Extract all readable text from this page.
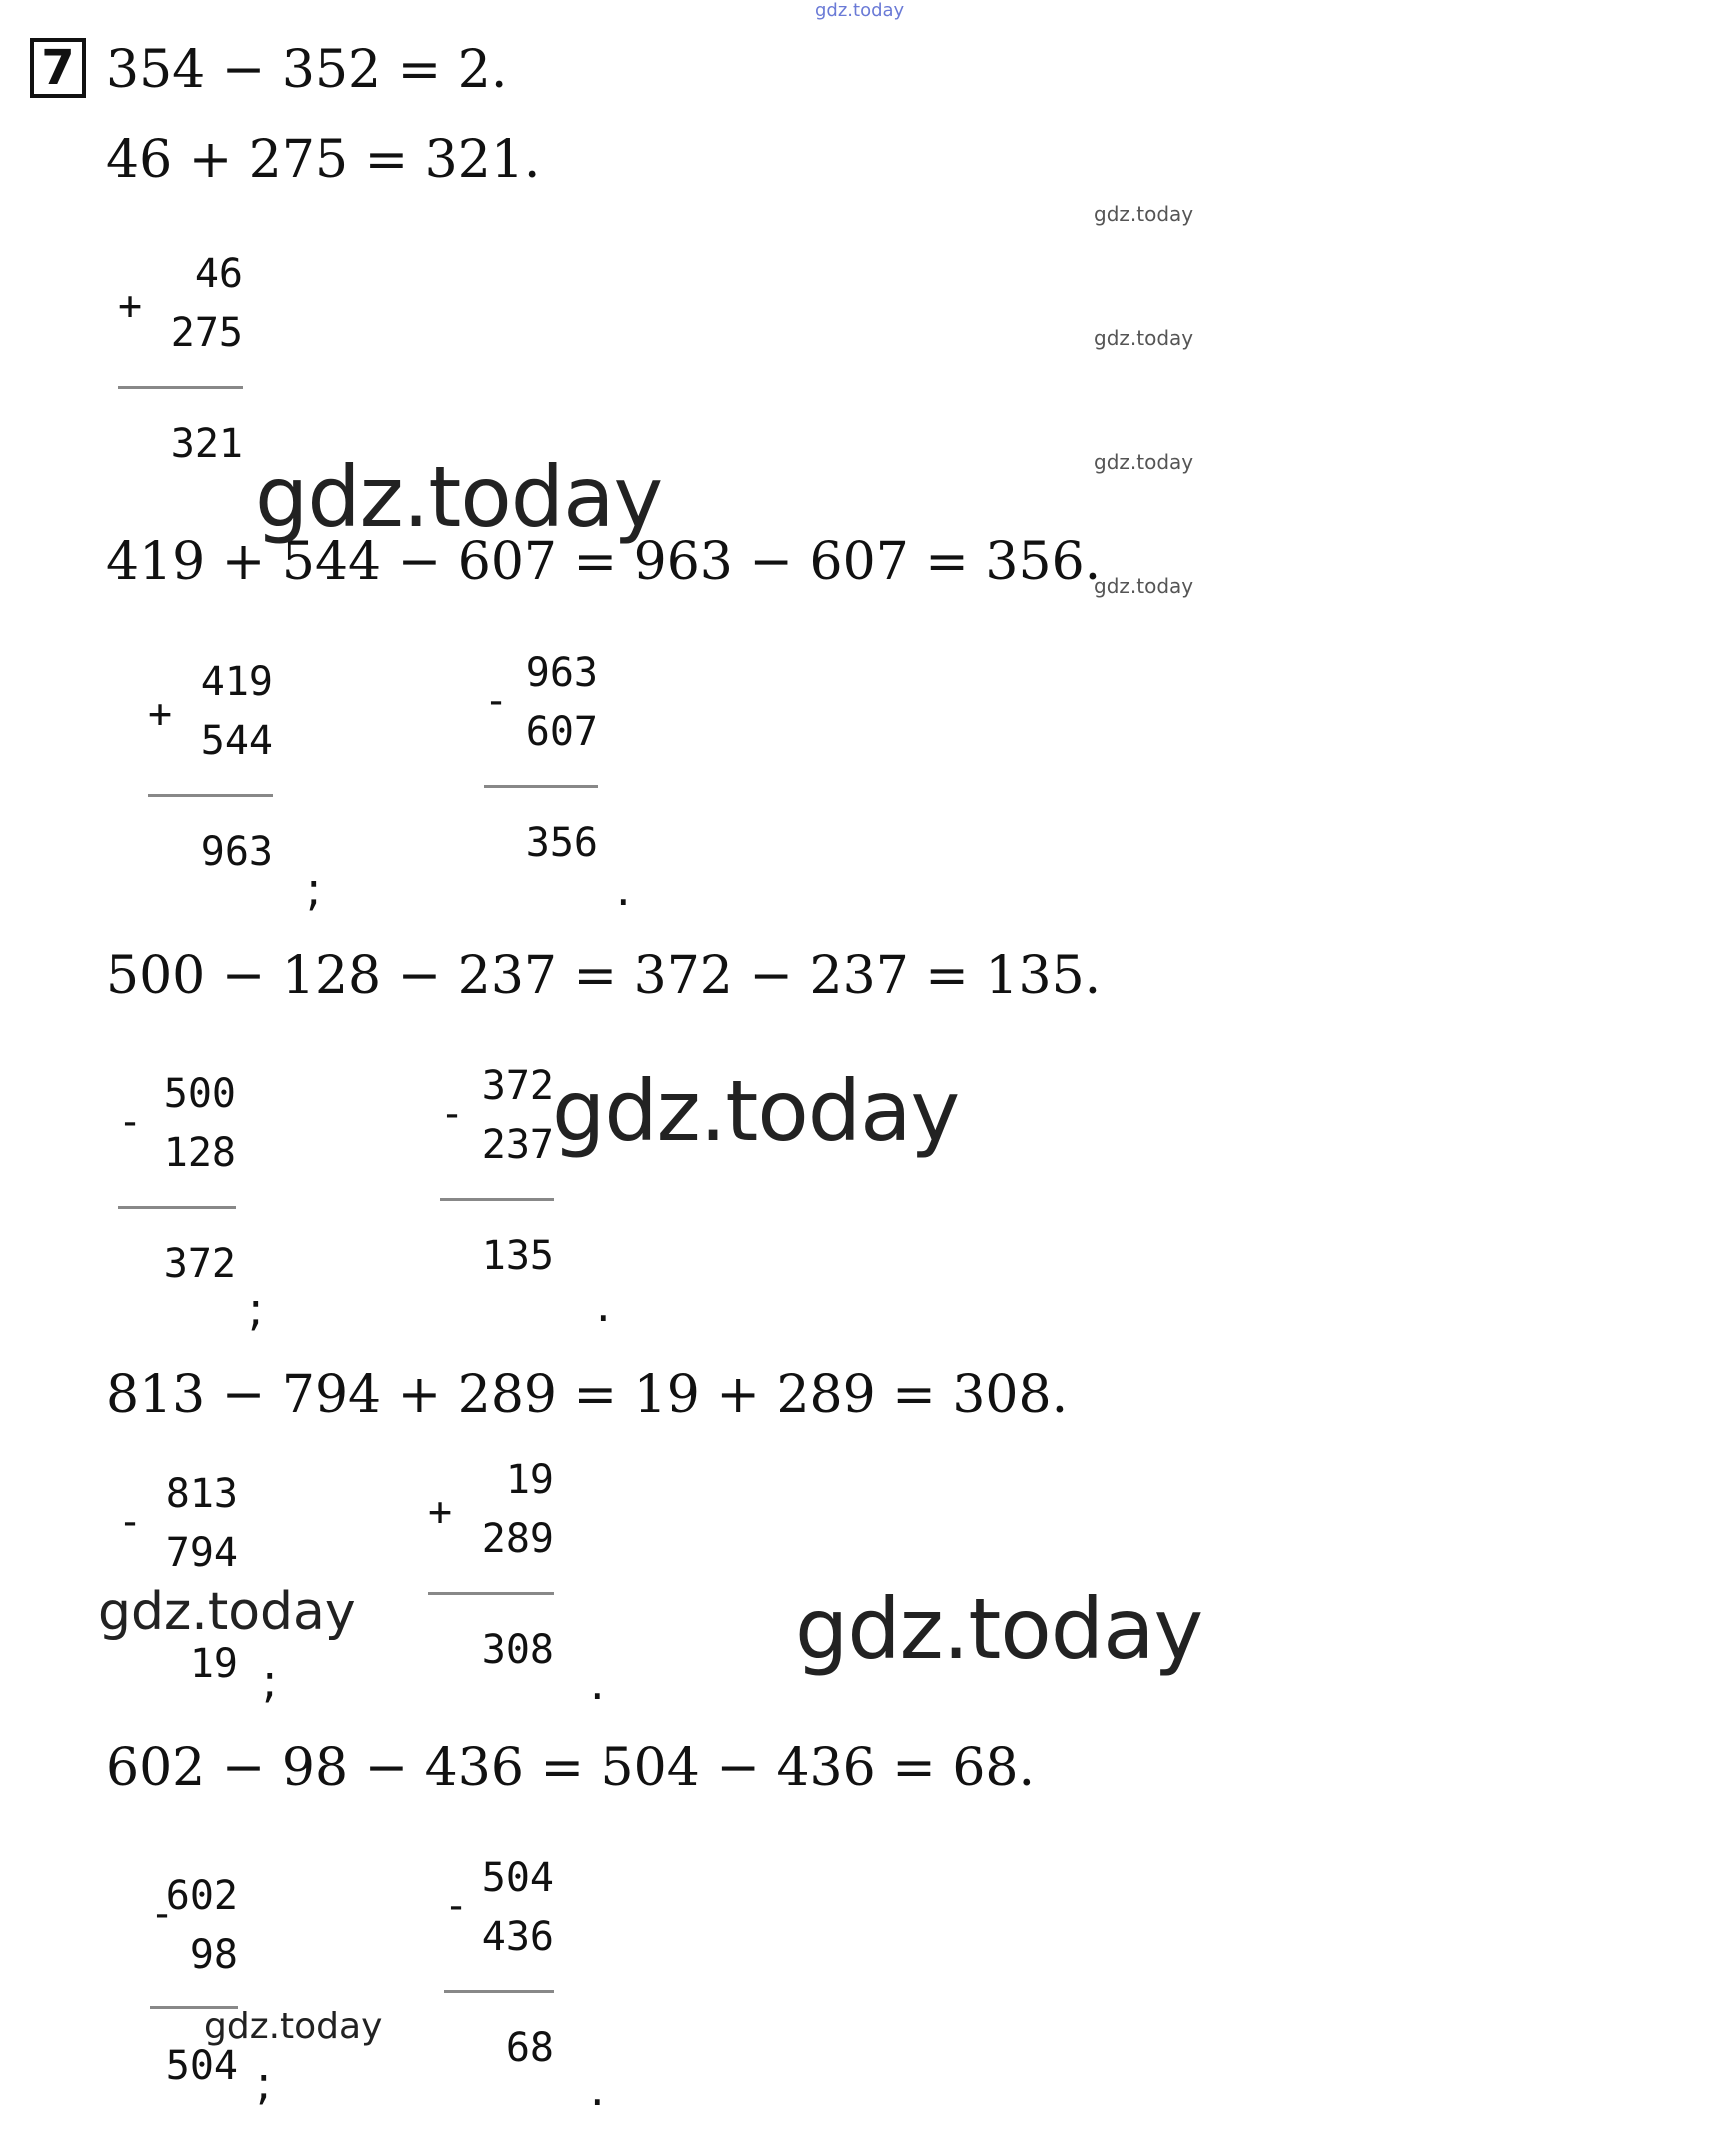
gdz.today
7 354 − 352 = 2.
46 + 275 = 321.
419 + 544 − 607 = 963 − 607 = 356.
500 − 128 − 237 = 372 − 237 = 135.
813 − 794 + 289 = 19 + 289 = 308.
602 − 98 − 436 = 504 − 436 = 68.
46
+
275
321
419
+
544
963
;
963
-
607
356
.
500
-
128
372
;
372
-
237
135
.
813
-
794
19 ;
19
+
289
308
.
602
-
98
504 ;
504
-
436
68
.
gdz.today
gdz.today
gdz.today
gdz.today
gdz.today
gdz.today
gdz.today	gdz.today
gdz.today
